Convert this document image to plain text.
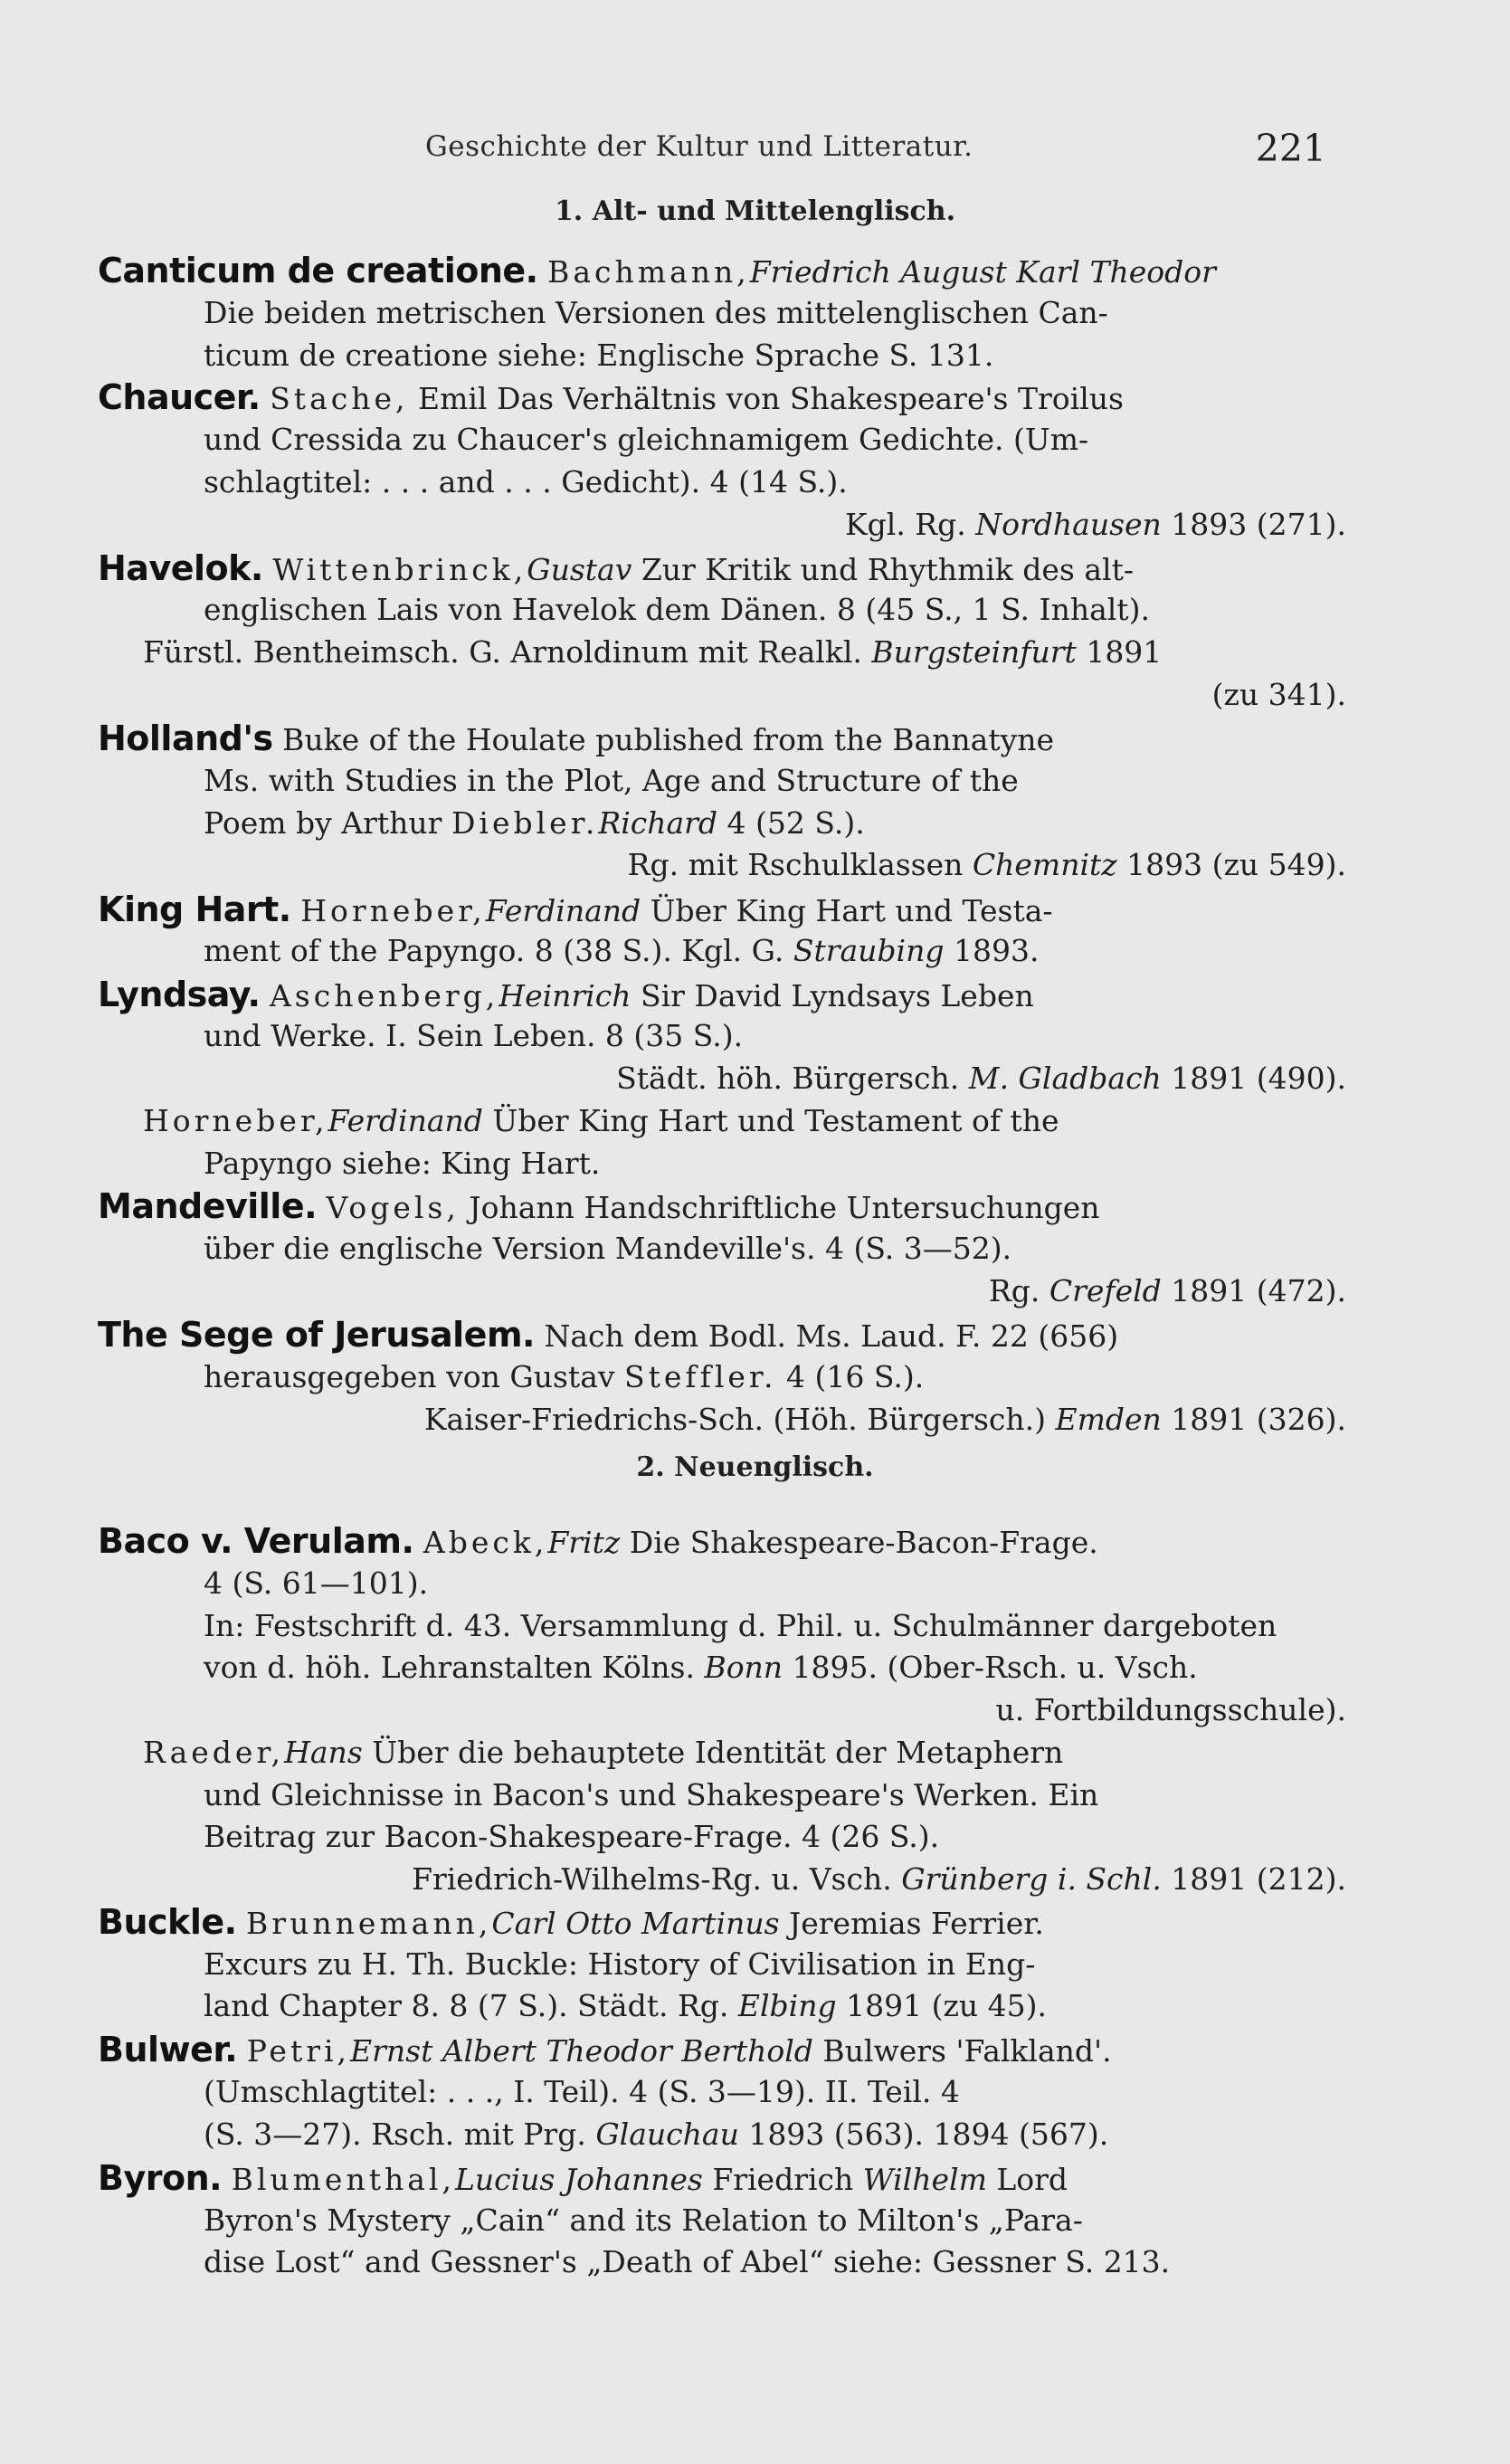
Geschichte der Kultur und Litteratur.	221
1. Alt- und Mittelenglisch.
2. Neuenglisch.
Canticum de creatione. Bachmann,Friedrich August Karl Theodor
Die beiden metrischen Versionen des mittelenglischen Can-
ticum de creatione siehe: Englische Sprache S. 131.
Chaucer. Stache, Emil Das Verhältnis von Shakespeare's Troilus
und Cressida zu Chaucer's gleichnamigem Gedichte. (Um-
schlagtitel: . . . and . . . Gedicht). 4 (14 S.).
Kgl. Rg. Nordhausen 1893 (271).
Havelok. Wittenbrinck,Gustav Zur Kritik und Rhythmik des alt-
englischen Lais von Havelok dem Dänen. 8 (45 S., 1 S. Inhalt).
Fürstl. Bentheimsch. G. Arnoldinum mit Realkl. Burgsteinfurt 1891
(zu 341).
Holland's Buke of the Houlate published from the Bannatyne
Ms. with Studies in the Plot, Age and Structure of the
Poem by Arthur Diebler.Richard 4 (52 S.).
Rg. mit Rschulklassen Chemnitz 1893 (zu 549).
King Hart. Horneber,Ferdinand Über King Hart und Testa-
ment of the Papyngo. 8 (38 S.). Kgl. G. Straubing 1893.
Lyndsay. Aschenberg,Heinrich Sir David Lyndsays Leben
und Werke. I. Sein Leben. 8 (35 S.).
Städt. höh. Bürgersch. M. Gladbach 1891 (490).
Horneber,Ferdinand Über King Hart und Testament of the
Papyngo siehe: King Hart.
Mandeville. Vogels, Johann Handschriftliche Untersuchungen
über die englische Version Mandeville's. 4 (S. 3—52).
Rg. Crefeld 1891 (472).
The Sege of Jerusalem. Nach dem Bodl. Ms. Laud. F. 22 (656)
herausgegeben von Gustav Steffler. 4 (16 S.).
Kaiser-Friedrichs-Sch. (Höh. Bürgersch.) Emden 1891 (326).
Baco v. Verulam. Abeck,Fritz Die Shakespeare-Bacon-Frage.
4 (S. 61—101).
In: Festschrift d. 43. Versammlung d. Phil. u. Schulmänner dargeboten
von d. höh. Lehranstalten Kölns. Bonn 1895. (Ober-Rsch. u. Vsch.
u. Fortbildungsschule).
Raeder,Hans Über die behauptete Identität der Metaphern
und Gleichnisse in Bacon's und Shakespeare's Werken. Ein
Beitrag zur Bacon-Shakespeare-Frage. 4 (26 S.).
Friedrich-Wilhelms-Rg. u. Vsch. Grünberg i. Schl. 1891 (212).
Buckle. Brunnemann,Carl Otto Martinus Jeremias Ferrier.
Excurs zu H. Th. Buckle: History of Civilisation in Eng-
land Chapter 8. 8 (7 S.). Städt. Rg. Elbing 1891 (zu 45).
Bulwer. Petri,Ernst Albert Theodor Berthold Bulwers 'Falkland'.
(Umschlagtitel: . . ., I. Teil). 4 (S. 3—19). II. Teil. 4
(S. 3—27). Rsch. mit Prg. Glauchau 1893 (563). 1894 (567).
Byron. Blumenthal,Lucius Johannes Friedrich Wilhelm Lord
Byron's Mystery „Cain“ and its Relation to Milton's „Para-
dise Lost“ and Gessner's „Death of Abel“ siehe: Gessner S. 213.
